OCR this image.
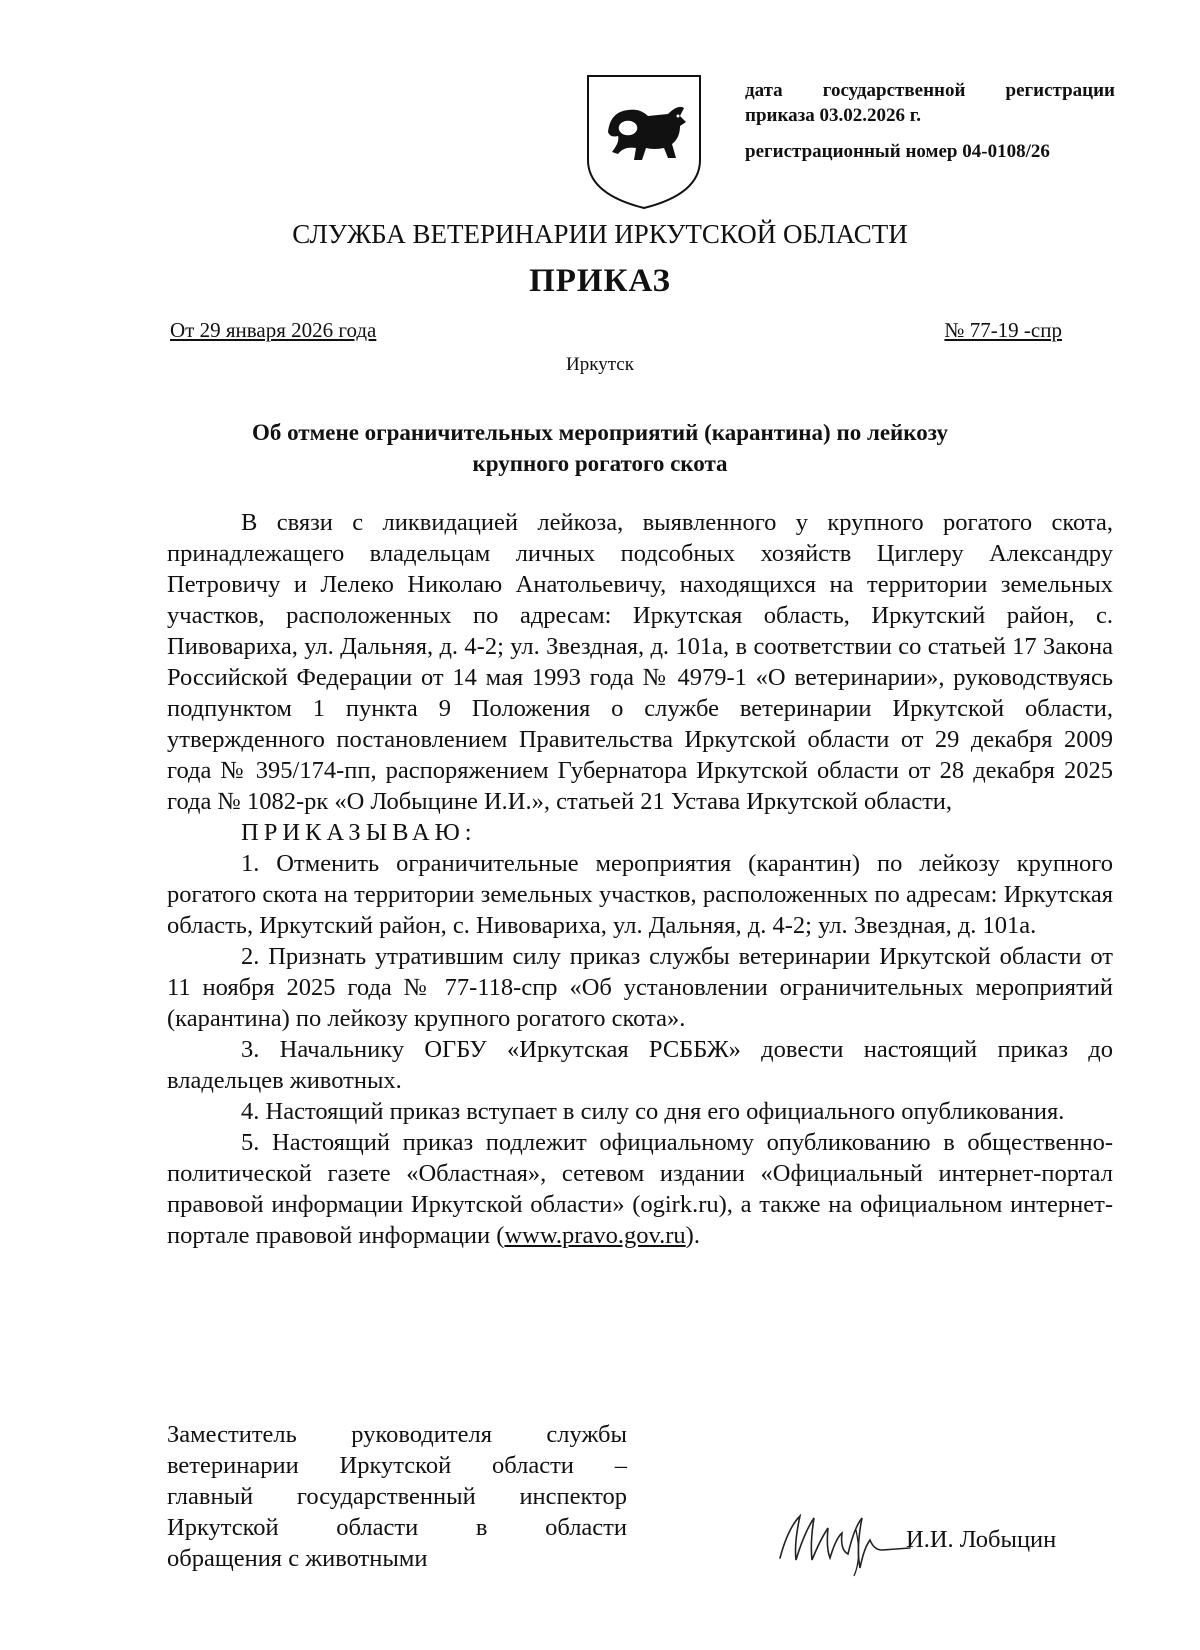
дата государственной регистрации
приказа 03.02.2026 г.
регистрационный номер 04-0108/26
СЛУЖБА ВЕТЕРИНАРИИ ИРКУТСКОЙ ОБЛАСТИ
ПРИКАЗ
От 29 января 2026 года	№ 77-19 -спр
Иркутск
Об отмене ограничительных мероприятий (карантина) по лейкозу
крупного рогатого скота

В связи с ликвидацией лейкоза, выявленного у крупного рогатого скота, принадлежащего владельцам личных подсобных хозяйств Циглеру Александру Петровичу и Лелеко Николаю Анатольевичу, находящихся на территории земельных участков, расположенных по адресам: Иркутская область, Иркутский район, с. Пивовариха, ул. Дальняя, д. 4-2; ул. Звездная, д. 101а, в соответствии со статьей 17 Закона Российской Федерации от 14 мая 1993 года № 4979-1 «О ветеринарии», руководствуясь подпунктом 1 пункта 9 Положения о службе ветеринарии Иркутской области, утвержденного постановлением Правительства Иркутской области от 29 декабря 2009 года № 395/174-пп, распоряжением Губернатора Иркутской области от 28 декабря 2025 года № 1082-рк «О Лобыцине И.И.», статьей 21 Устава Иркутской области,

ПРИКАЗЫВАЮ:

1. Отменить ограничительные мероприятия (карантин) по лейкозу крупного рогатого скота на территории земельных участков, расположенных по адресам: Иркутская область, Иркутский район, с. Нивовариха, ул. Дальняя, д. 4-2; ул. Звездная, д. 101а.

2. Признать утратившим силу приказ службы ветеринарии Иркутской области от 11 ноября 2025 года № 77-118-спр «Об установлении ограничительных мероприятий (карантина) по лейкозу крупного рогатого скота».

3. Начальнику ОГБУ «Иркутская РСББЖ» довести настоящий приказ до владельцев животных.

4. Настоящий приказ вступает в силу со дня его официального опубликования.

5. Настоящий приказ подлежит официальному опубликованию в общественно-политической газете «Областная», сетевом издании «Официальный интернет-портал правовой информации Иркутской области» (ogirk.ru), а также на официальном интернет-портале правовой информации (www.pravo.gov.ru).

Заместитель руководителя службы
ветеринарии Иркутской области –
главный государственный инспектор
Иркутской области в области
обращения с животными
И.И. Лобыцин
